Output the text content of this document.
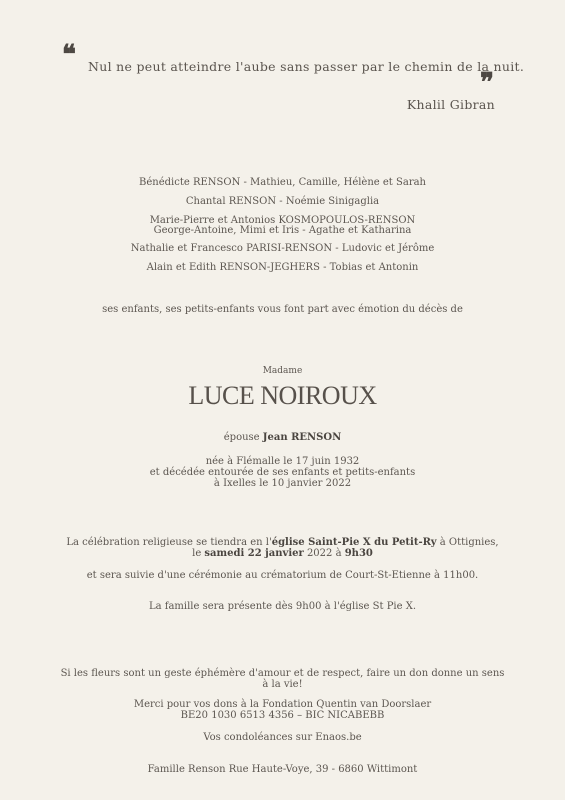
❝ Nul ne peut atteindre l'aube sans passer par le chemin de la nuit.
❞
Khalil Gibran
Bénédicte RENSON - Mathieu, Camille, Hélène et Sarah
Chantal RENSON - Noémie Sinigaglia
Marie-Pierre et Antonios KOSMOPOULOS-RENSON
George-Antoine, Mimi et Iris - Agathe et Katharina
Nathalie et Francesco PARISI-RENSON - Ludovic et Jérôme
Alain et Edith RENSON-JEGHERS - Tobias et Antonin
ses enfants, ses petits-enfants vous font part avec émotion du décès de
Madame
LUCE NOIROUX
épouse Jean RENSON
née à Flémalle le 17 juin 1932
et décédée entourée de ses enfants et petits-enfants
à Ixelles le 10 janvier 2022
La célébration religieuse se tiendra en l'église Saint-Pie X du Petit-Ry à Ottignies,
le samedi 22 janvier 2022 à 9h30
et sera suivie d'une cérémonie au crématorium de Court-St-Etienne à 11h00.
La famille sera présente dès 9h00 à l'église St Pie X.
Si les fleurs sont un geste éphémère d'amour et de respect, faire un don donne un sens à la vie!
Merci pour vos dons à la Fondation Quentin van Doorslaer
BE20 1030 6513 4356 – BIC NICABEBB
Vos condoléances sur Enaos.be
Famille Renson Rue Haute-Voye, 39 - 6860 Wittimont
